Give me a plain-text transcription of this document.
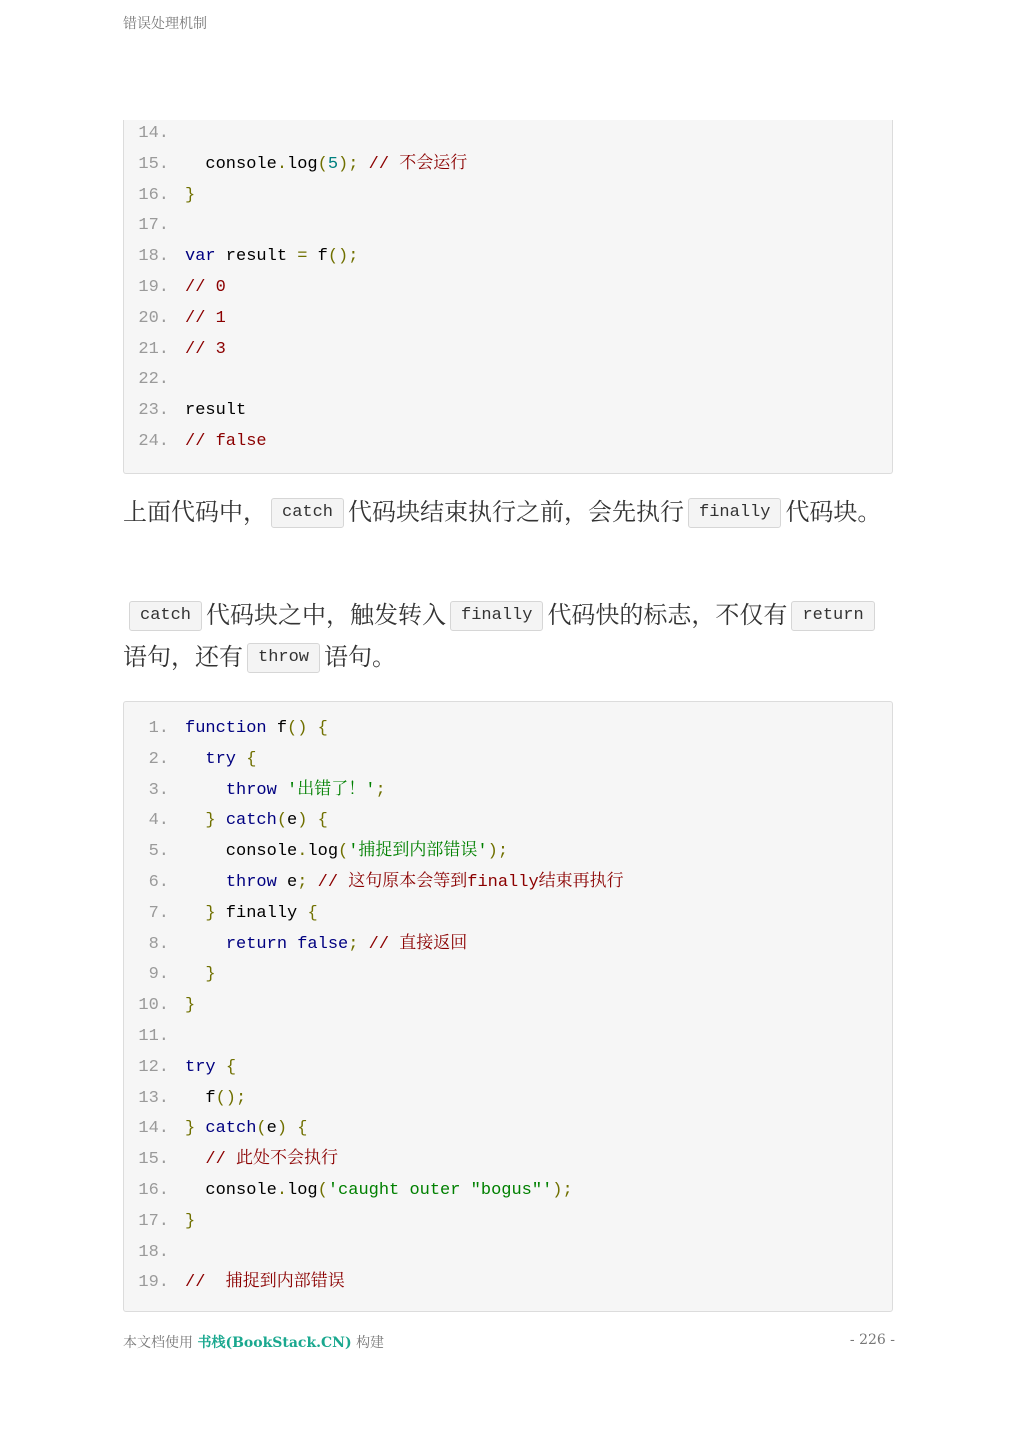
错误处理机制
14.
15.  console.log(5); // 不会运行
16. }
17.
18. var result = f();
19. // 0
20. // 1
21. // 3
22.
23. result
24. // false
上面代码中， catch 代码块结束执行之前，会先执行 finally 代码块。
catch 代码块之中，触发转入 finally 代码快的标志，不仅有 return语句，还有 throw 语句。
1. function f() {
2. try {
3.	throw '出错了！';
4. } catch(e) {
5.    console.log('捕捉到内部错误');
6.	throw e; // 这句原本会等到finally结束再执行
7. } finally {
8.	return false; // 直接返回
9. }
10. }
11.
12. try {
13.  f();
14. } catch(e) {
15. // 此处不会执行
16.  console.log('caught outer "bogus"');
17. }
18.
19. //  捕捉到内部错误
本文档使用 书栈(BookStack.CN) 构建	- 226 -
